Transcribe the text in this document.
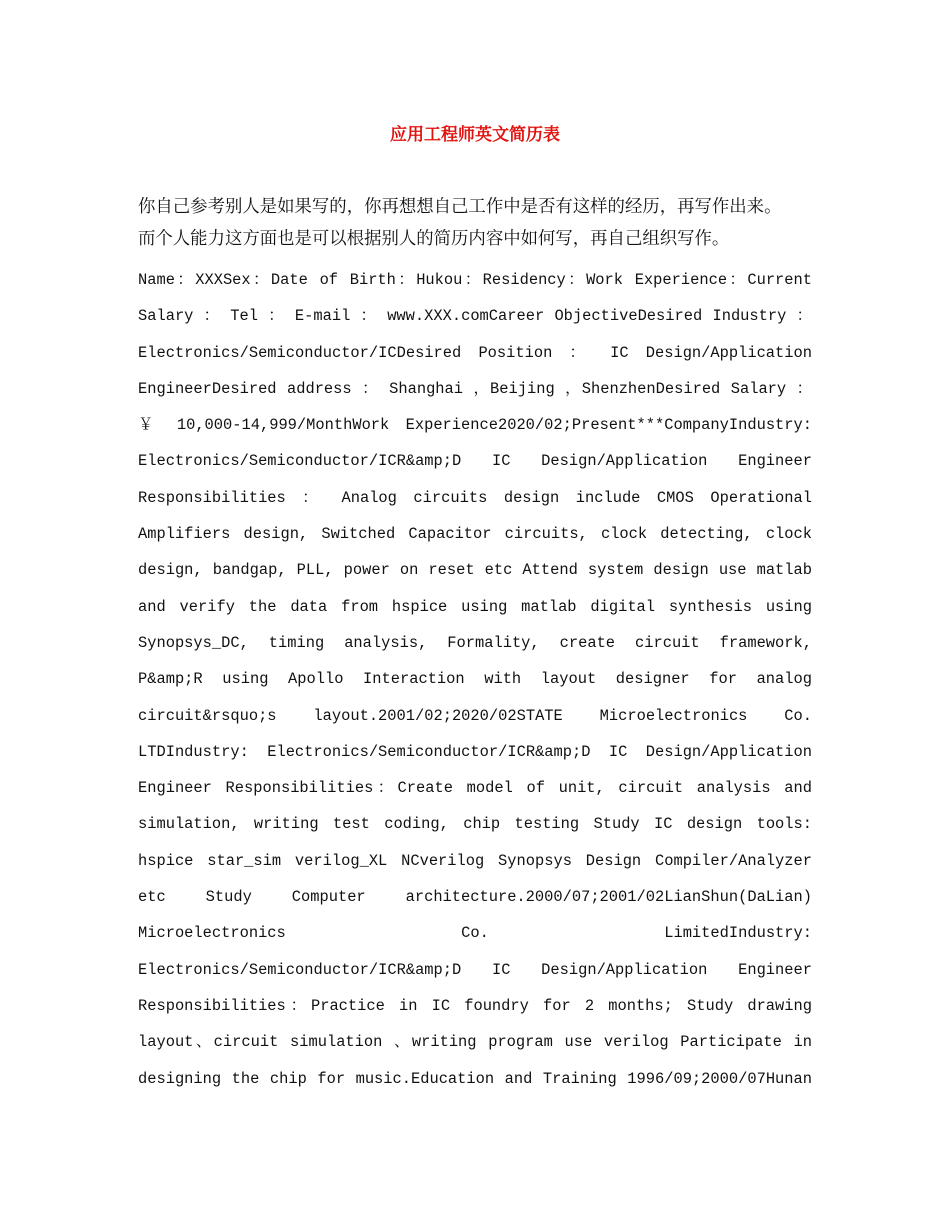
应用工程师英文简历表
你自己参考别人是如果写的，你再想想自己工作中是否有这样的经历，再写作出来。
而个人能力这方面也是可以根据别人的简历内容中如何写，再自己组织写作。
Name：XXXSex：Date of Birth：Hukou：Residency：Work Experience：Current
Salary ： Tel ： E-mail ： www.XXX.comCareer ObjectiveDesired Industry ：
Electronics/Semiconductor/ICDesired Position ： IC Design/Application
EngineerDesired address ： Shanghai ，Beijing ，ShenzhenDesired Salary ：
￥ 10,000-14,999/MonthWork Experience2020/02;Present***CompanyIndustry:
Electronics/Semiconductor/ICR&amp;D IC Design/Application Engineer
Responsibilities ： Analog circuits design include CMOS Operational
Amplifiers design, Switched Capacitor circuits, clock detecting, clock
design, bandgap, PLL, power on reset etc Attend system design use matlab
and verify the data from hspice using matlab digital synthesis using
Synopsys_DC, timing analysis, Formality, create circuit framework,
P&amp;R using Apollo Interaction with layout designer for analog
circuit&rsquo;s layout.2001/02;2020/02STATE Microelectronics Co.
LTDIndustry: Electronics/Semiconductor/ICR&amp;D IC Design/Application
Engineer Responsibilities：Create model of unit, circuit analysis and
simulation, writing test coding, chip testing Study IC design tools:
hspice star_sim verilog_XL NCverilog Synopsys Design Compiler/Analyzer
etc Study Computer architecture.2000/07;2001/02LianShun(DaLian)
Microelectronics Co. LimitedIndustry:
Electronics/Semiconductor/ICR&amp;D IC Design/Application Engineer
Responsibilities：Practice in IC foundry for 2 months; Study drawing
layout、circuit simulation 、writing program use verilog Participate in
designing the chip for music.Education and Training 1996/09;2000/07Hunan
